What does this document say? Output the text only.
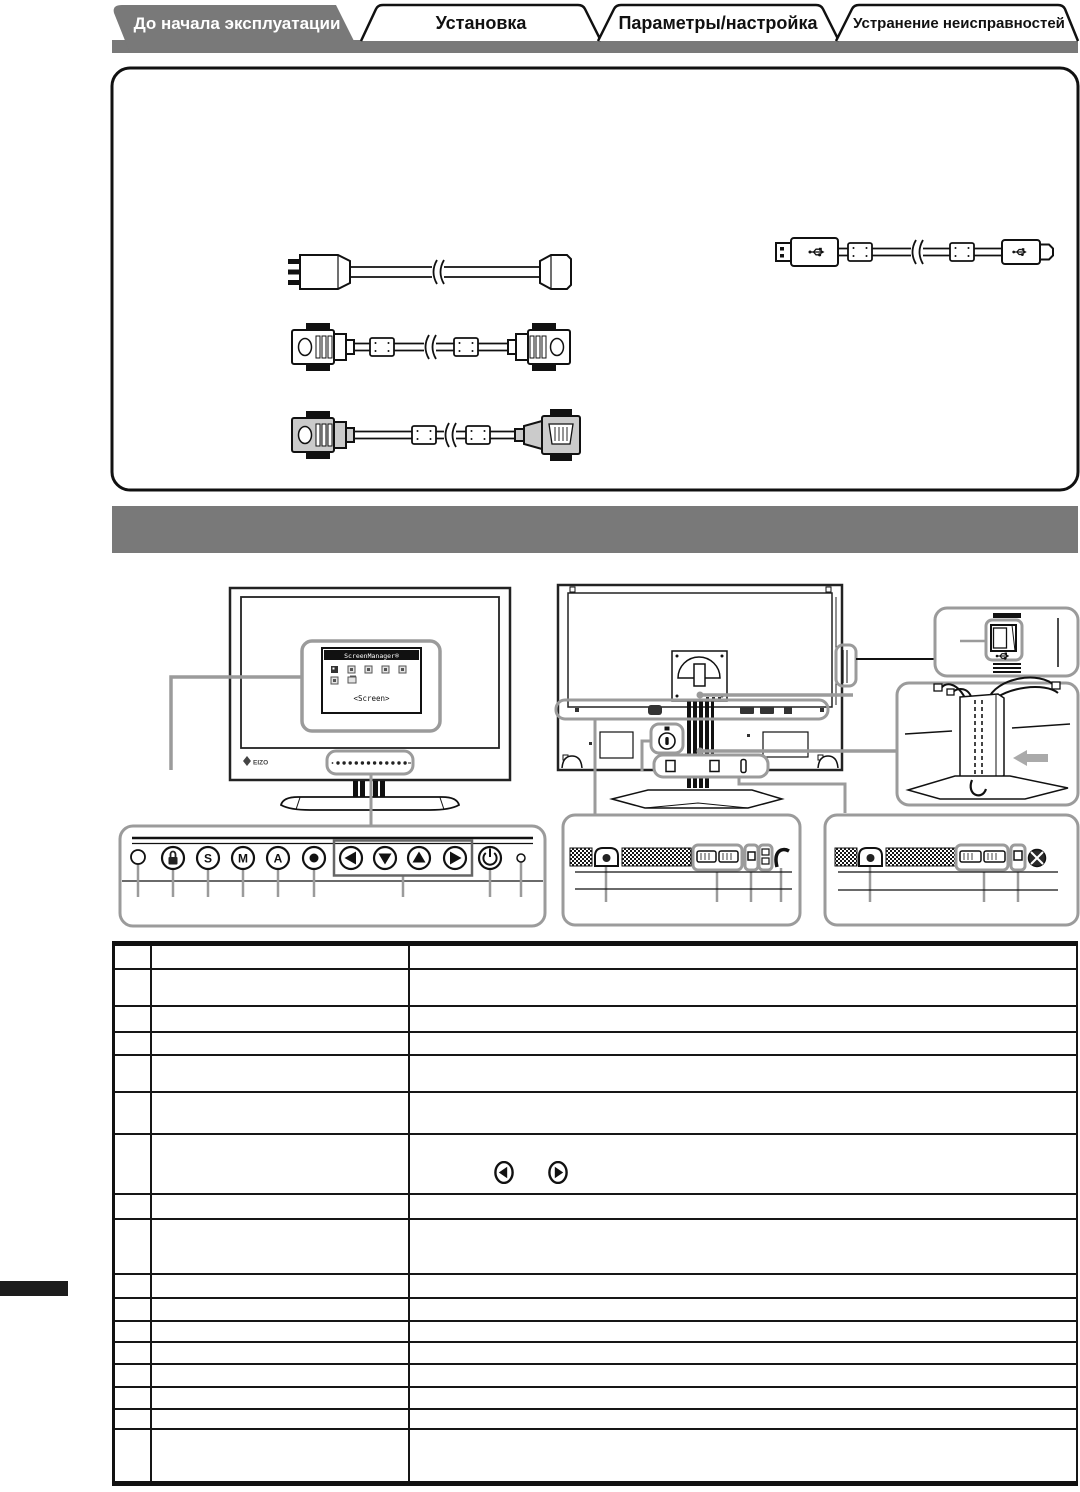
До начала эксплуатации	Установка	Параметры/настройка Устранение неисправностей
EIZO
ScreenManager®
<Screen>
S M A
